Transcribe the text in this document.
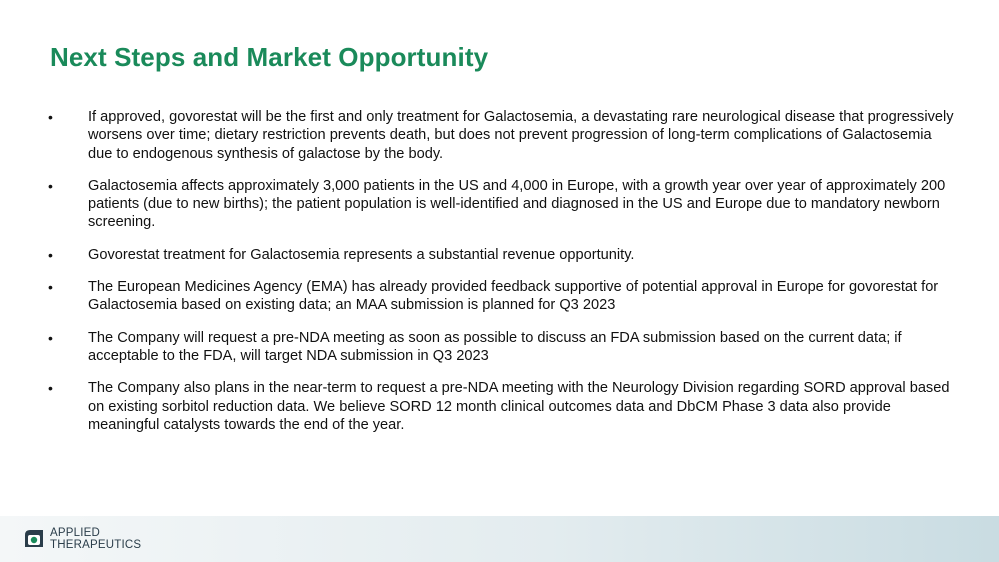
Next Steps and Market Opportunity
•	If approved, govorestat will be the first and only treatment for Galactosemia, a devastating rare neurological disease that progressively worsens over time; dietary restriction prevents death, but does not prevent progression of long-term complications of Galactosemia due to endogenous synthesis of galactose by the body.
•	Galactosemia affects approximately 3,000 patients in the US and 4,000 in Europe, with a growth year over year of approximately 200 patients (due to new births); the patient population is well-identified and diagnosed in the US and Europe due to mandatory newborn screening.
•	Govorestat treatment for Galactosemia represents a substantial revenue opportunity.
•	The European Medicines Agency (EMA) has already provided feedback supportive of potential approval in Europe for govorestat for Galactosemia based on existing data; an MAA submission is planned for Q3 2023
•	The Company will request a pre-NDA meeting as soon as possible to discuss an FDA submission based on the current data; if acceptable to the FDA, will target NDA submission in Q3 2023
•	The Company also plans in the near-term to request a pre-NDA meeting with the Neurology Division regarding SORD approval based on existing sorbitol reduction data. We believe SORD 12 month clinical outcomes data and DbCM Phase 3 data also provide meaningful catalysts towards the end of the year.
APPLIED
THERAPEUTICS
